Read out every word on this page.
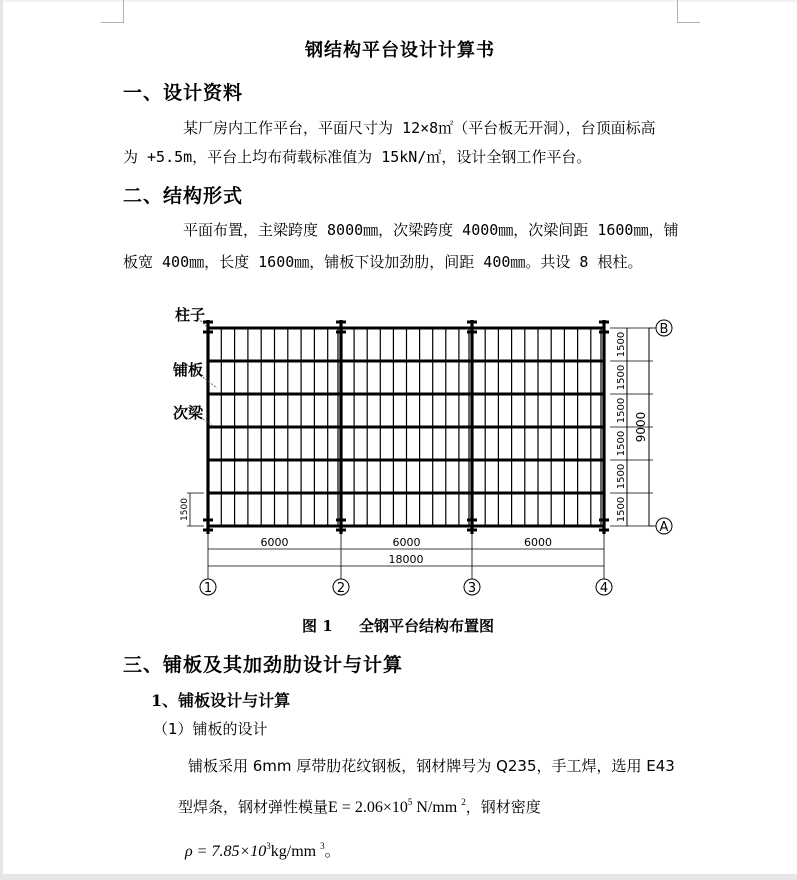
钢结构平台设计计算书
一、设计资料
某厂房内工作平台，平面尺寸为 12×8㎡（平台板无开洞），台顶面标高
为 +5.5m，平台上均布荷载标准值为 15kN/㎡，设计全钢工作平台。
二、结构形式
平面布置，主梁跨度 8000㎜，次梁跨度 4000㎜，次梁间距 1600㎜，铺
板宽 400㎜，长度 1600㎜，铺板下设加劲肋，间距 400㎜。共设 8 根柱。
柱子
铺板
次梁
1500
1500
1500
1500
1500
1500
9000
B
A
1500
6000	6000	6000
18000
1	2	3	4
图 1 全钢平台结构布置图
三、铺板及其加劲肋设计与计算
1、铺板设计与计算
（1）铺板的设计
铺板采用 6mm 厚带肋花纹钢板，钢材牌号为 Q235，手工焊，选用 E43
型焊条，钢材弹性模量$E = 2.06\times 10^5$ N/mm $^2$，钢材密度
$\rho = 7.85\times 10^3kg/mm$ $^3$。
